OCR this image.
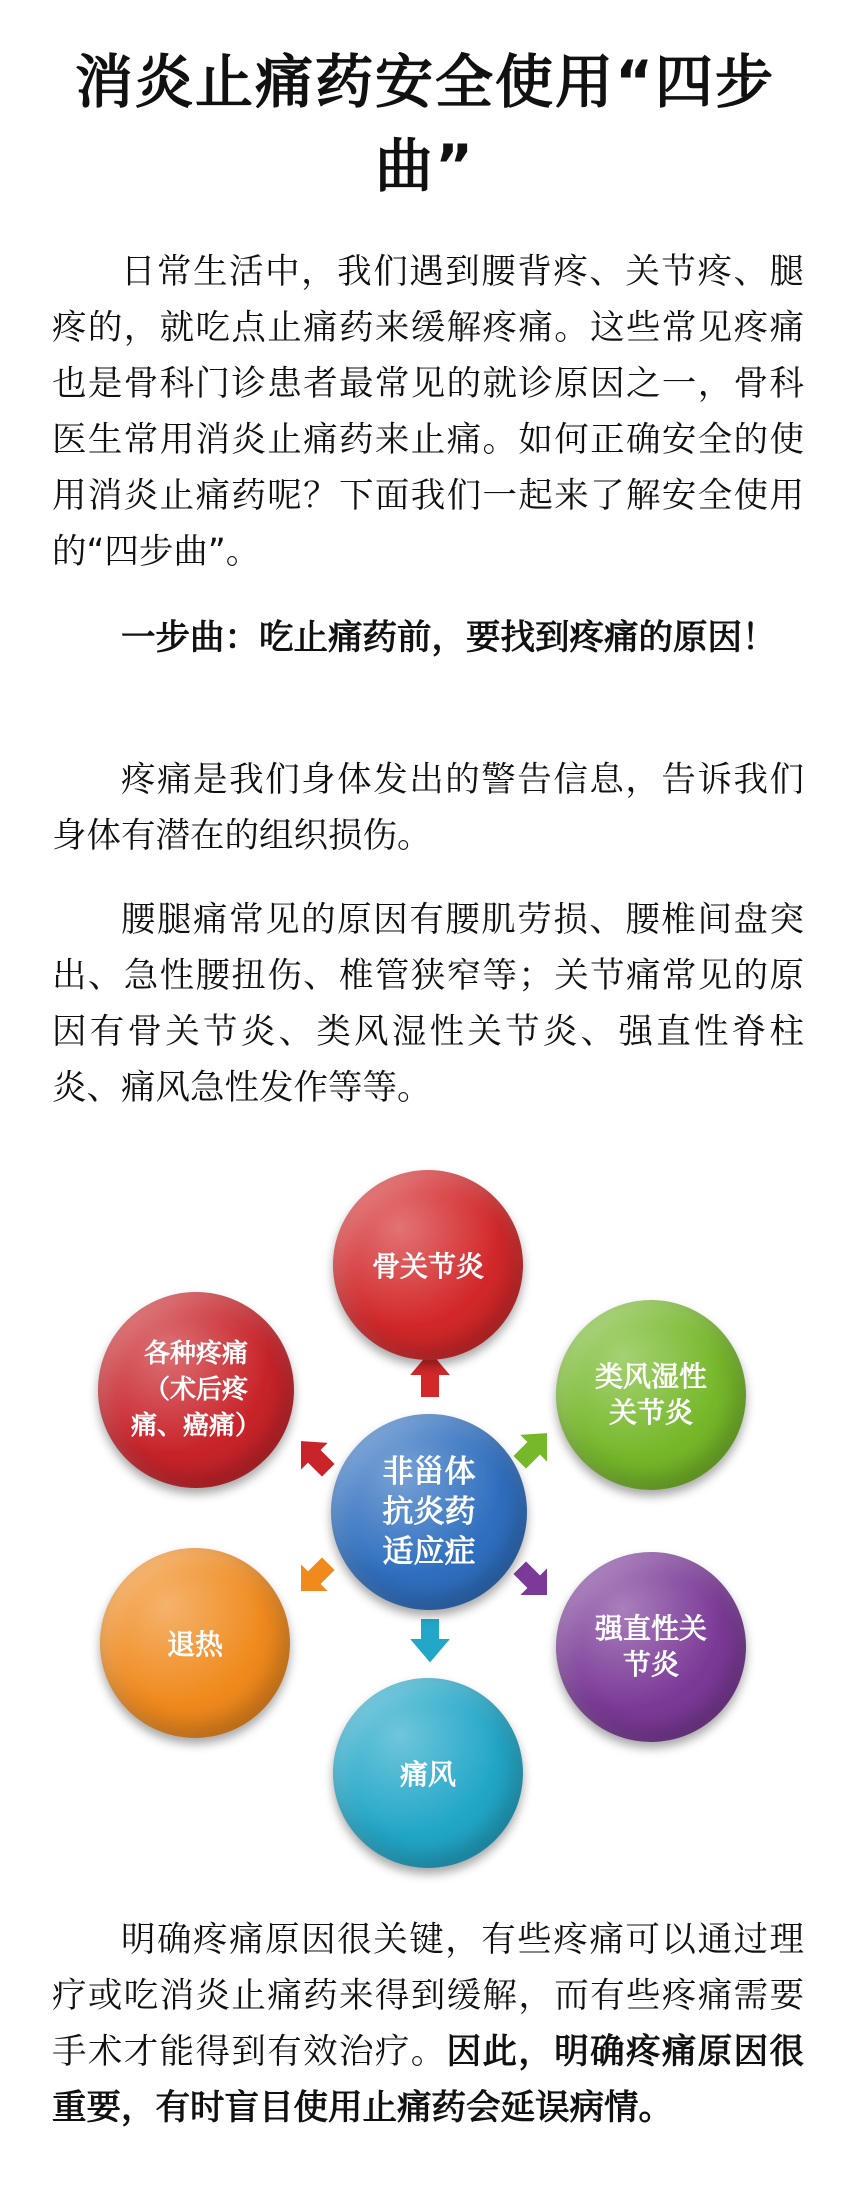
消炎止痛药安全使用“四步曲”

日常生活中，我们遇到腰背疼、关节疼、腿疼的，就吃点止痛药来缓解疼痛。这些常见疼痛也是骨科门诊患者最常见的就诊原因之一，骨科医生常用消炎止痛药来止痛。如何正确安全的使用消炎止痛药呢？下面我们一起来了解安全使用的“四步曲”。

一步曲：吃止痛药前，要找到疼痛的原因！

疼痛是我们身体发出的警告信息，告诉我们身体有潜在的组织损伤。

腰腿痛常见的原因有腰肌劳损、腰椎间盘突出、急性腰扭伤、椎管狭窄等；关节痛常见的原因有骨关节炎、类风湿性关节炎、强直性脊柱炎、痛风急性发作等等。

非甾体抗炎药适应症
骨关节炎
类风湿性关节炎
强直性关节炎
痛风
退热
各种疼痛（术后疼痛、癌痛）

明确疼痛原因很关键，有些疼痛可以通过理疗或吃消炎止痛药来得到缓解，而有些疼痛需要手术才能得到有效治疗。因此，明确疼痛原因很重要，有时盲目使用止痛药会延误病情。
